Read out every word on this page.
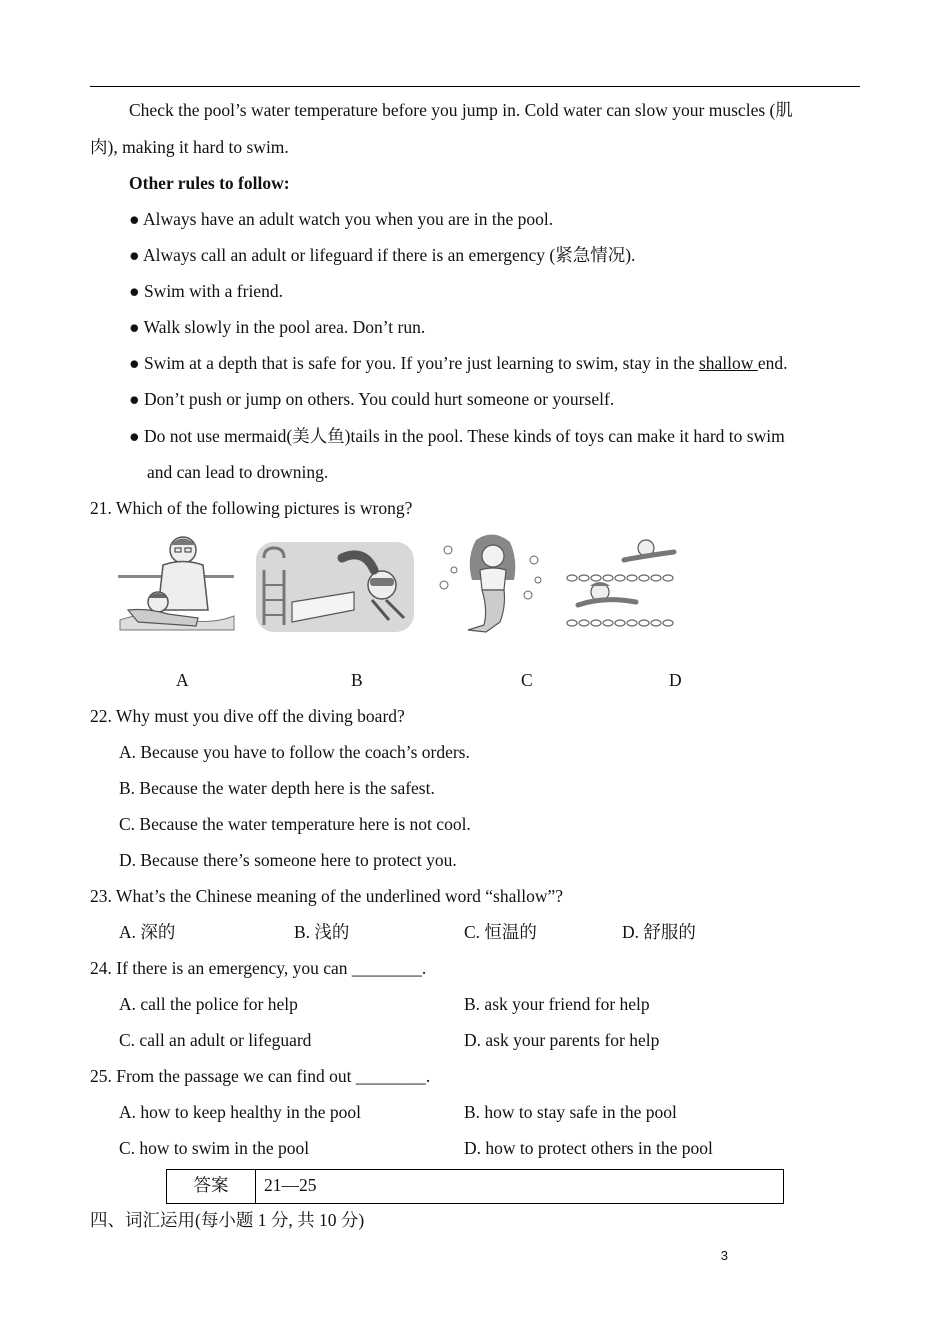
Check the pool’s water temperature before you jump in. Cold water can slow your muscles (肌
肉), making it hard to swim.
Other rules to follow:
● Always have an adult watch you when you are in the pool.
● Always call an adult or lifeguard if there is an emergency (紧急情况).
● Swim with a friend.
● Walk slowly in the pool area. Don’t run.
● Swim at a depth that is safe for you. If you’re just learning to swim, stay in the shallow end.
● Don’t push or jump on others. You could hurt someone or yourself.
● Do not use mermaid(美人鱼)tails in the pool. These kinds of toys can make it hard to swim
and can lead to drowning.
21. Which of the following pictures is wrong?
A	B	C	D
22. Why must you dive off the diving board?
A. Because you have to follow the coach’s orders.
B. Because the water depth here is the safest.
C. Because the water temperature here is not cool.
D. Because there’s someone here to protect you.
23. What’s the Chinese meaning of the underlined word “shallow”?
A. 深的	B. 浅的	C. 恒温的	D. 舒服的
24. If there is an emergency, you can ________.
A. call the police for help	B. ask your friend for help
C. call an adult or lifeguard	D. ask your parents for help
25. From the passage we can find out ________.
A. how to keep healthy in the pool	B. how to stay safe in the pool
C. how to swim in the pool	D. how to protect others in the pool
答案	21—25
四、词汇运用(每小题 1 分, 共 10 分)
3
